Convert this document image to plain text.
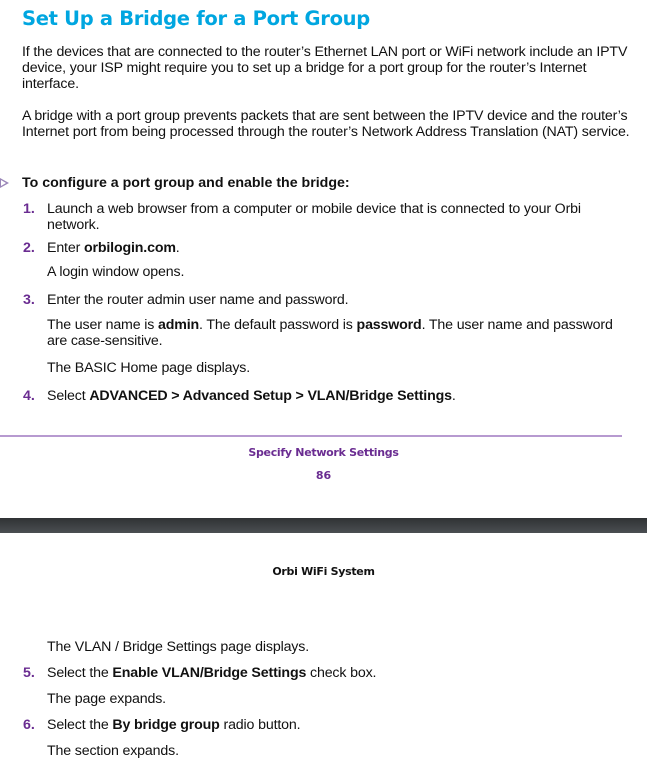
Set Up a Bridge for a Port Group
If the devices that are connected to the router’s Ethernet LAN port or WiFi network include an IPTV device, your ISP might require you to set up a bridge for a port group for the router’s Internet interface.
A bridge with a port group prevents packets that are sent between the IPTV device and the router’s Internet port from being processed through the router’s Network Address Translation (NAT) service.
To configure a port group and enable the bridge:
1. Launch a web browser from a computer or mobile device that is connected to your Orbi network.
2. Enter orbilogin.com.
A login window opens.
3. Enter the router admin user name and password.
The user name is admin. The default password is password. The user name and password are case-sensitive.
The BASIC Home page displays.
4. Select ADVANCED > Advanced Setup > VLAN/Bridge Settings.
Specify Network Settings
86
Orbi WiFi System
The VLAN / Bridge Settings page displays.
5. Select the Enable VLAN/Bridge Settings check box.
The page expands.
6. Select the By bridge group radio button.
The section expands.
